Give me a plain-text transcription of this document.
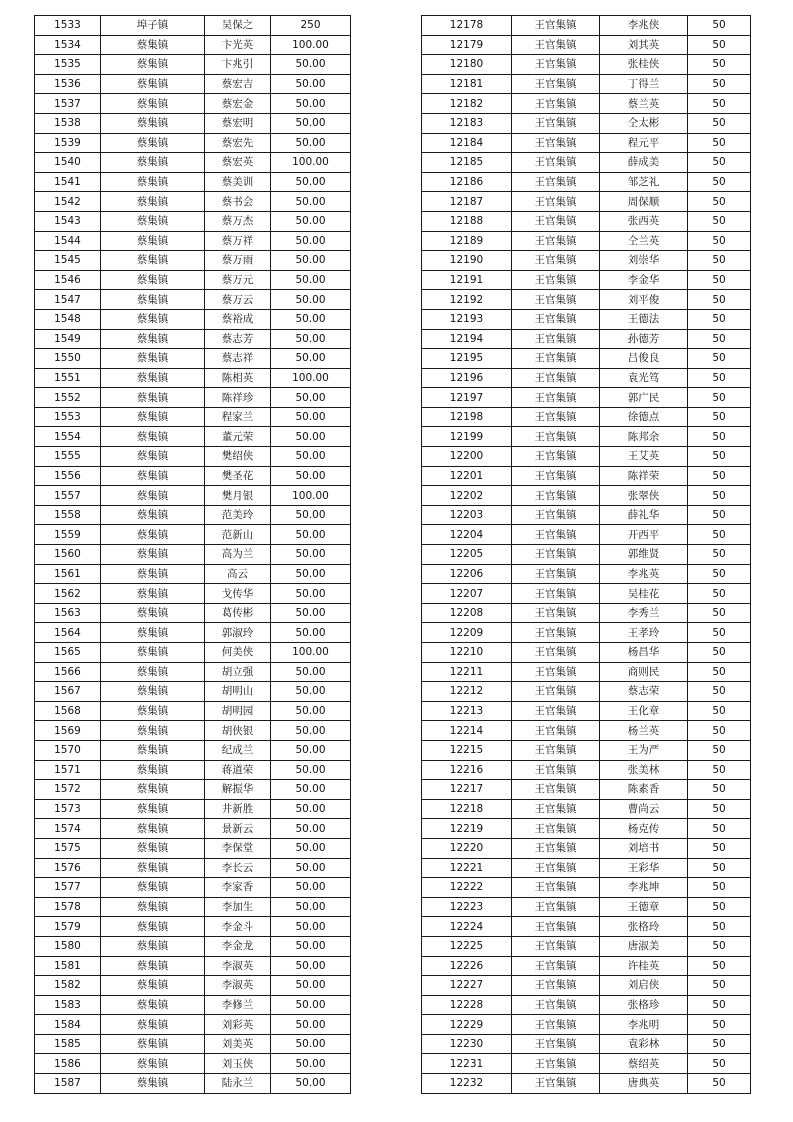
1533	埠子镇	吴保之	250
1534	蔡集镇	卞光英	100.00
1535	蔡集镇	卞兆引	50.00
1536	蔡集镇	蔡宏吉	50.00
1537	蔡集镇	蔡宏金	50.00
1538	蔡集镇	蔡宏明	50.00
1539	蔡集镇	蔡宏先	50.00
1540	蔡集镇	蔡宏英	100.00
1541	蔡集镇	蔡美训	50.00
1542	蔡集镇	蔡书会	50.00
1543	蔡集镇	蔡万杰	50.00
1544	蔡集镇	蔡万祥	50.00
1545	蔡集镇	蔡万雨	50.00
1546	蔡集镇	蔡万元	50.00
1547	蔡集镇	蔡万云	50.00
1548	蔡集镇	蔡裕成	50.00
1549	蔡集镇	蔡志芳	50.00
1550	蔡集镇	蔡志祥	50.00
1551	蔡集镇	陈相英	100.00
1552	蔡集镇	陈祥珍	50.00
1553	蔡集镇	程家兰	50.00
1554	蔡集镇	董元荣	50.00
1555	蔡集镇	樊绍侠	50.00
1556	蔡集镇	樊圣花	50.00
1557	蔡集镇	樊月银	100.00
1558	蔡集镇	范美玲	50.00
1559	蔡集镇	范新山	50.00
1560	蔡集镇	高为兰	50.00
1561	蔡集镇	高云	50.00
1562	蔡集镇	戈传华	50.00
1563	蔡集镇	葛传彬	50.00
1564	蔡集镇	郭淑玲	50.00
1565	蔡集镇	何美侠	100.00
1566	蔡集镇	胡立强	50.00
1567	蔡集镇	胡明山	50.00
1568	蔡集镇	胡明园	50.00
1569	蔡集镇	胡侠银	50.00
1570	蔡集镇	纪成兰	50.00
1571	蔡集镇	蒋道荣	50.00
1572	蔡集镇	解振华	50.00
1573	蔡集镇	井新胜	50.00
1574	蔡集镇	景新云	50.00
1575	蔡集镇	李保堂	50.00
1576	蔡集镇	李长云	50.00
1577	蔡集镇	李家香	50.00
1578	蔡集镇	李加生	50.00
1579	蔡集镇	李金斗	50.00
1580	蔡集镇	李金龙	50.00
1581	蔡集镇	李淑英	50.00
1582	蔡集镇	李淑英	50.00
1583	蔡集镇	李修兰	50.00
1584	蔡集镇	刘彩英	50.00
1585	蔡集镇	刘美英	50.00
1586	蔡集镇	刘玉侠	50.00
1587	蔡集镇	陆永兰	50.00
12178	王官集镇	李兆侠	50
12179	王官集镇	刘其英	50
12180	王官集镇	张桂侠	50
12181	王官集镇	丁得兰	50
12182	王官集镇	蔡兰英	50
12183	王官集镇	仝太彬	50
12184	王官集镇	程元平	50
12185	王官集镇	薛成美	50
12186	王官集镇	邹芝礼	50
12187	王官集镇	周保顺	50
12188	王官集镇	张西英	50
12189	王官集镇	仝兰英	50
12190	王官集镇	刘崇华	50
12191	王官集镇	李金华	50
12192	王官集镇	刘平俊	50
12193	王官集镇	王德法	50
12194	王官集镇	孙德芳	50
12195	王官集镇	吕俊良	50
12196	王官集镇	袁光笃	50
12197	王官集镇	郭广民	50
12198	王官集镇	徐德点	50
12199	王官集镇	陈邦余	50
12200	王官集镇	王艾英	50
12201	王官集镇	陈祥荣	50
12202	王官集镇	张翠侠	50
12203	王官集镇	薛礼华	50
12204	王官集镇	开西平	50
12205	王官集镇	郭维贤	50
12206	王官集镇	李兆英	50
12207	王官集镇	吴桂花	50
12208	王官集镇	李秀兰	50
12209	王官集镇	王孝玲	50
12210	王官集镇	杨昌华	50
12211	王官集镇	商则民	50
12212	王官集镇	蔡志荣	50
12213	王官集镇	王化章	50
12214	王官集镇	杨兰英	50
12215	王官集镇	王为严	50
12216	王官集镇	张美林	50
12217	王官集镇	陈素香	50
12218	王官集镇	曹尚云	50
12219	王官集镇	杨克传	50
12220	王官集镇	刘培书	50
12221	王官集镇	王彩华	50
12222	王官集镇	李兆坤	50
12223	王官集镇	王德章	50
12224	王官集镇	张格玲	50
12225	王官集镇	唐淑美	50
12226	王官集镇	许桂英	50
12227	王官集镇	刘启侠	50
12228	王官集镇	张格珍	50
12229	王官集镇	李兆明	50
12230	王官集镇	袁彩林	50
12231	王官集镇	蔡绍英	50
12232	王官集镇	唐典英	50
